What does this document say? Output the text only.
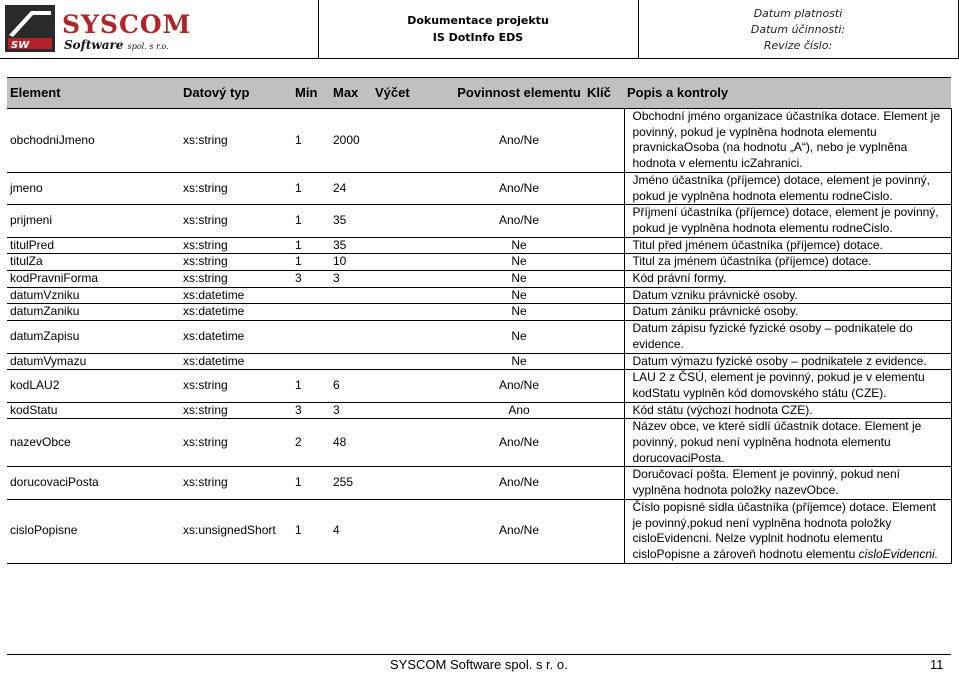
SW
SYSCOM
Software spol. s r.o.
Dokumentace projektu
IS DotInfo EDS
Datum platnosti
Datum účinnosti:
Revize číslo:
Element	Datový typ	Min	Max	Výčet	Povinnost elementu	Klíč	Popis a kontroly
obchodniJmeno	xs:string	1	2000		Ano/Ne		Obchodní jméno organizace účastníka dotace. Element je povinný, pokud je vyplněna hodnota elementu pravnickaOsoba (na hodnotu „A“), nebo je vyplněna hodnota v elementu icZahranici.
jmeno	xs:string	1	24		Ano/Ne		Jméno účastníka (příjemce) dotace, element je povinný, pokud je vyplněna hodnota elementu rodneCislo.
prijmeni	xs:string	1	35		Ano/Ne		Příjmení účastníka (příjemce) dotace, element je povinný, pokud je vyplněna hodnota elementu rodneCislo.
titulPred	xs:string	1	35		Ne		Titul před jménem účastníka (příjemce) dotace.
titulZa	xs:string	1	10		Ne		Titul za jménem účastníka (příjemce) dotace.
kodPravniForma	xs:string	3	3		Ne		Kód právní formy.
datumVzniku	xs:datetime				Ne		Datum vzniku právnické osoby.
datumZaniku	xs:datetime				Ne		Datum zániku právnické osoby.
datumZapisu	xs:datetime				Ne		Datum zápisu fyzické fyzické osoby – podnikatele do evidence.
datumVymazu	xs:datetime				Ne		Datum výmazu fyzické osoby – podnikatele z evidence.
kodLAU2	xs:string	1	6		Ano/Ne		LAU 2 z ČSÚ, element je povinný, pokud je v elementu kodStatu vyplněn kód domovského státu (CZE).
kodStatu	xs:string	3	3		Ano		Kód státu (výchozí hodnota CZE).
nazevObce	xs:string	2	48		Ano/Ne		Název obce, ve které sídlí účastník dotace. Element je povinný, pokud není vyplněna hodnota elementu dorucovaciPosta.
dorucovaciPosta	xs:string	1	255		Ano/Ne		Doručovací pošta. Element je povinný, pokud není vyplněna hodnota položky nazevObce.
cisloPopisne	xs:unsignedShort	1	4		Ano/Ne		Číslo popisné sídla účastníka (příjemce) dotace. Element je povinný,pokud není vyplněna hodnota položky cisloEvidencni. Nelze vyplnit hodnotu elementu cisloPopisne a zároveň hodnotu elementu cisloEvidencni.
SYSCOM Software spol. s r. o.	11
